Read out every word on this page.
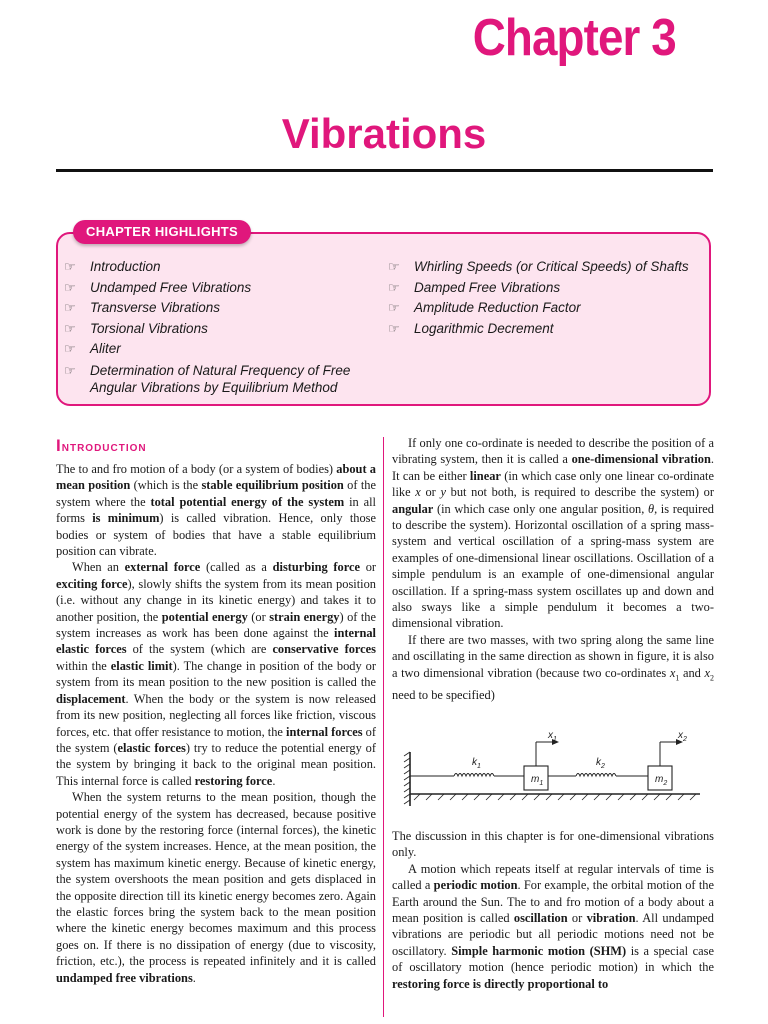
Chapter 3
Vibrations
CHAPTER HIGHLIGHTS
☞ Introduction
☞ Undamped Free Vibrations
☞ Transverse Vibrations
☞ Torsional Vibrations
☞ Aliter
☞ Determination of Natural Frequency of Free Angular Vibrations by Equilibrium Method
☞ Whirling Speeds (or Critical Speeds) of Shafts
☞ Damped Free Vibrations
☞ Amplitude Reduction Factor
☞ Logarithmic Decrement
Introduction

The to and fro motion of a body (or a system of bodies) about a mean position (which is the stable equilibrium position of the system where the total potential energy of the system in all forms is minimum) is called vibration. Hence, only those bodies or system of bodies that have a stable equilibrium position can vibrate.

When an external force (called as a disturbing force or exciting force), slowly shifts the system from its mean position (i.e. without any change in its kinetic energy) and takes it to another position, the potential energy (or strain energy) of the system increases as work has been done against the internal elastic forces of the system (which are conservative forces within the elastic limit). The change in position of the body or system from its mean position to the new position is called the displacement. When the body or the system is now released from its new position, neglecting all forces like friction, viscous forces, etc. that offer resistance to motion, the internal forces of the system (elastic forces) try to reduce the potential energy of the system by bringing it back to the original mean position. This internal force is called restoring force.

When the system returns to the mean position, though the potential energy of the system has decreased, because positive work is done by the restoring force (internal forces), the kinetic energy of the system increases. Hence, at the mean position, the system has maximum kinetic energy. Because of kinetic energy, the system overshoots the mean position and gets displaced in the opposite direction till its kinetic energy becomes zero. Again the elastic forces bring the system back to the mean position where the kinetic energy becomes maximum and this process goes on. If there is no dissipation of energy (due to viscosity, friction, etc.), the process is repeated infinitely and it is called undamped free vibrations.

If only one co-ordinate is needed to describe the position of a vibrating system, then it is called a one-dimensional vibration. It can be either linear (in which case only one linear co-ordinate like x or y but not both, is required to describe the system) or angular (in which case only one angular position, θ, is required to describe the system). Horizontal oscillation of a spring mass-system and vertical oscillation of a spring-mass system are examples of one-dimensional linear oscillations. Oscillation of a simple pendulum is an example of one-dimensional angular oscillation. If a spring-mass system oscillates up and down and also sways like a simple pendulum it becomes a two-dimensional vibration.

If there are two masses, with two spring along the same line and oscillating in the same direction as shown in figure, it is also a two dimensional vibration (because two co-ordinates $x_1$ and $x_2$ need to be specified)

$k_1$
$m_1$
$k_2$
$m_2$
$x_1$	$x_2$

The discussion in this chapter is for one-dimensional vibrations only.

A motion which repeats itself at regular intervals of time is called a periodic motion. For example, the orbital motion of the Earth around the Sun. The to and fro motion of a body about a mean position is called oscillation or vibration. All undamped vibrations are periodic but all periodic motions need not be oscillatory. Simple harmonic motion (SHM) is a special case of oscillatory motion (hence periodic motion) in which the restoring force is directly proportional to
